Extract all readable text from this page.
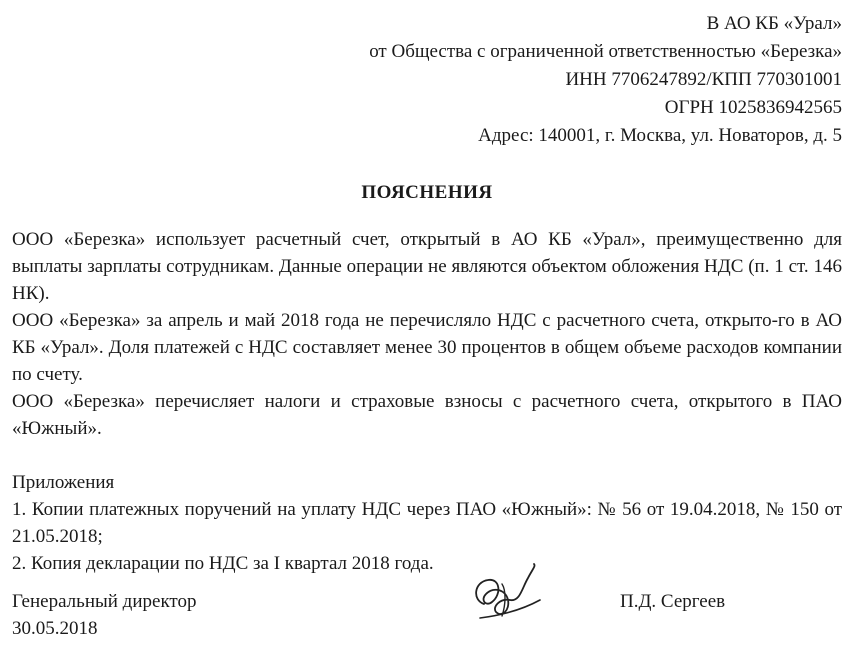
В АО КБ «Урал»
от Общества с ограниченной ответственностью «Березка»
ИНН 7706247892/КПП 770301001
ОГРН 1025836942565
Адрес: 140001, г. Москва, ул. Новаторов, д. 5
ПОЯСНЕНИЯ

ООО «Березка» использует расчетный счет, открытый в АО КБ «Урал», преимущественно для выплаты зарплаты сотрудникам. Данные операции не являются объектом обложения НДС (п. 1 ст. 146 НК).

ООО «Березка» за апрель и май 2018 года не перечисляло НДС с расчетного счета, открыто-го в АО КБ «Урал». Доля платежей с НДС составляет менее 30 процентов в общем объеме расходов компании по счету.

ООО «Березка» перечисляет налоги и страховые взносы с расчетного счета, открытого в ПАО «Южный».

Приложения

1. Копии платежных поручений на уплату НДС через ПАО «Южный»: № 56 от 19.04.2018, № 150 от 21.05.2018;

2. Копия декларации по НДС за I квартал 2018 года.

Генеральный директор	П.Д. Сергеев
30.05.2018
